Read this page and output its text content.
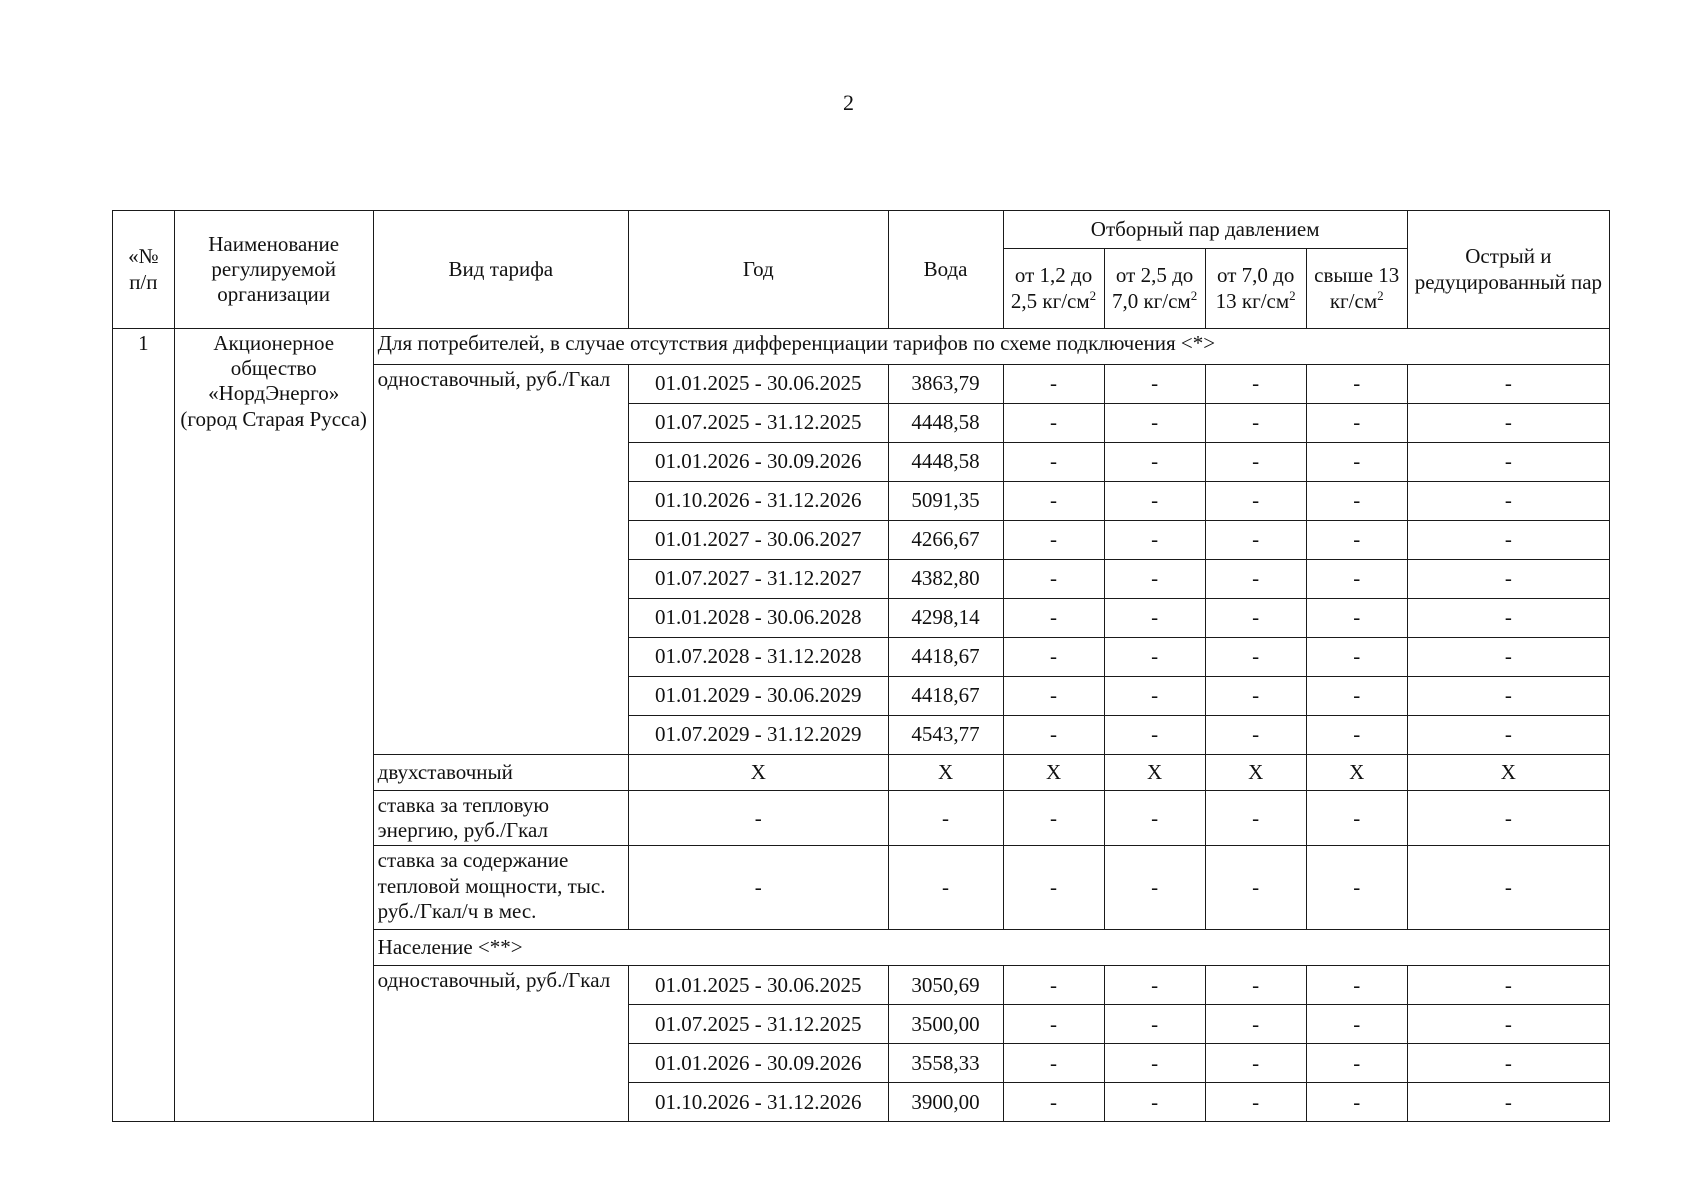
2
«№ п/п	Наименование регулируемой организации	Вид тарифа	Год	Вода	Отборный пар давлением				Острый и редуцированный пар
					от 1,2 до 2,5 $кг/см^2$	от 2,5 до 7,0 $кг/см^2$	от 7,0 до 13 $кг/см^2$	свыше 13 $кг/см^2$
1	Акционерное общество «НордЭнерго» (город Старая Русса)	Для потребителей, в случае отсутствия дифференциации тарифов по схеме подключения <*>							
		одноставочный, руб./Гкал	01.01.2025 - 30.06.2025	3863,79	-	-	-	-	-
			01.07.2025 - 31.12.2025	4448,58	-	-	-	-	-
			01.01.2026 - 30.09.2026	4448,58	-	-	-	-	-
			01.10.2026 - 31.12.2026	5091,35	-	-	-	-	-
			01.01.2027 - 30.06.2027	4266,67	-	-	-	-	-
			01.07.2027 - 31.12.2027	4382,80	-	-	-	-	-
			01.01.2028 - 30.06.2028	4298,14	-	-	-	-	-
			01.07.2028 - 31.12.2028	4418,67	-	-	-	-	-
			01.01.2029 - 30.06.2029	4418,67	-	-	-	-	-
			01.07.2029 - 31.12.2029	4543,77	-	-	-	-	-
		двухставочный	Х	Х	Х	Х	Х	Х	Х
		ставка за тепловую энергию, руб./Гкал	-	-	-	-	-	-	-
		ставка за содержание тепловой мощности, тыс. руб./Гкал/ч в мес.	-	-	-	-	-	-	-
		Население <**>							
		одноставочный, руб./Гкал	01.01.2025 - 30.06.2025	3050,69	-	-	-	-	-
			01.07.2025 - 31.12.2025	3500,00	-	-	-	-	-
			01.01.2026 - 30.09.2026	3558,33	-	-	-	-	-
			01.10.2026 - 31.12.2026	3900,00	-	-	-	-	-
